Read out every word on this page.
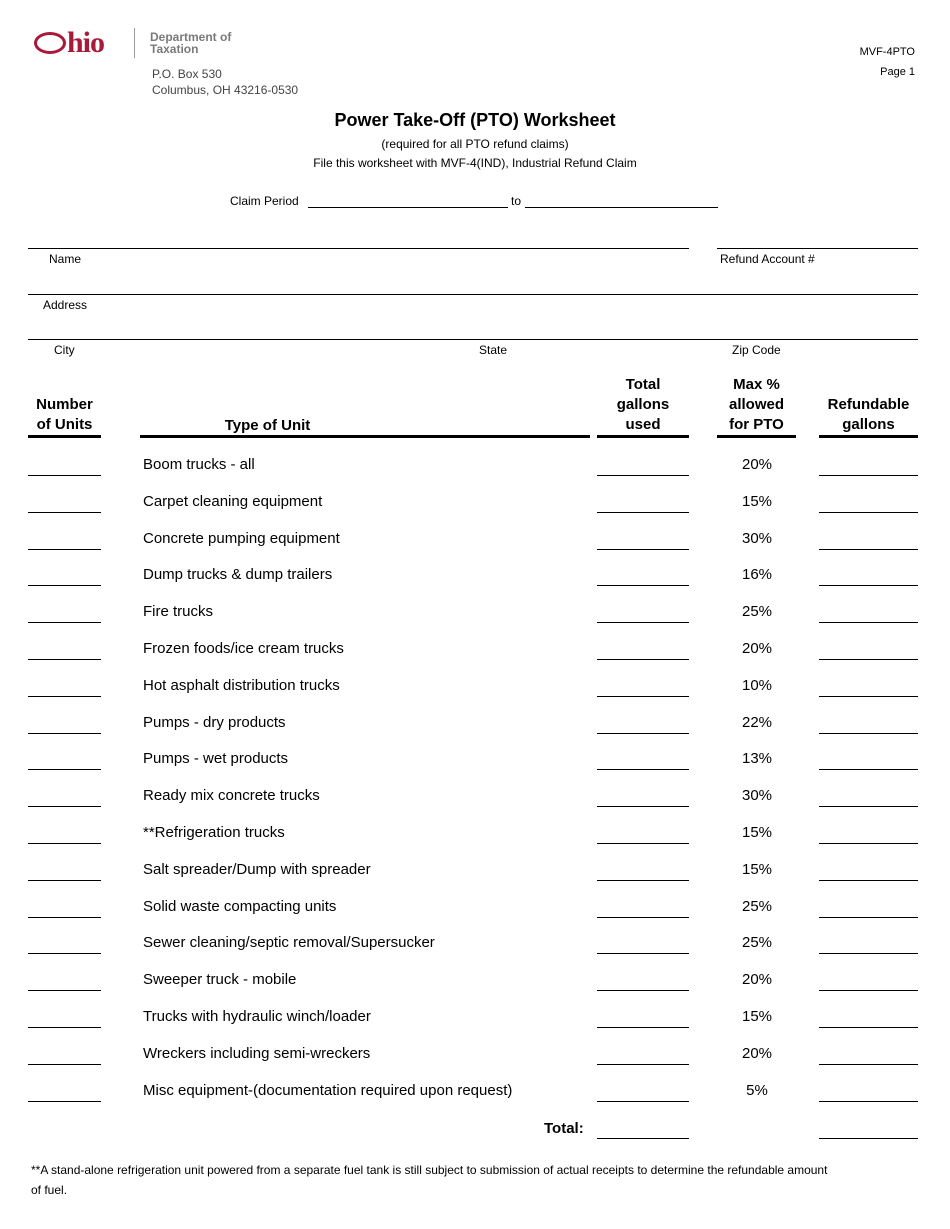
hio	Department of
Taxation
P.O. Box 530
Columbus, OH 43216-0530
MVF-4PTO
Page 1
Power Take-Off (PTO) Worksheet
(required for all PTO refund claims)
File this worksheet with MVF-4(IND), Industrial Refund Claim
Claim Period	to
Name	Refund Account #
Address
City	State	Zip Code
Number
of Units	Type of Unit
Total
gallons
used
Max %
allowed
for PTO
Refundable
gallons
Boom trucks - all	20%
Carpet cleaning equipment	15%
Concrete pumping equipment	30%
Dump trucks & dump trailers	16%
Fire trucks	25%
Frozen foods/ice cream trucks	20%
Hot asphalt distribution trucks	10%
Pumps - dry products	22%
Pumps - wet products	13%
Ready mix concrete trucks	30%
**Refrigeration trucks	15%
Salt spreader/Dump with spreader	15%
Solid waste compacting units	25%
Sewer cleaning/septic removal/Supersucker	25%
Sweeper truck - mobile	20%
Trucks with hydraulic winch/loader	15%
Wreckers including semi-wreckers	20%
Misc equipment-(documentation required upon request)	5%
Total:
**A stand-alone refrigeration unit powered from a separate fuel tank is still subject to submission of actual receipts to determine the refundable amount of fuel.
